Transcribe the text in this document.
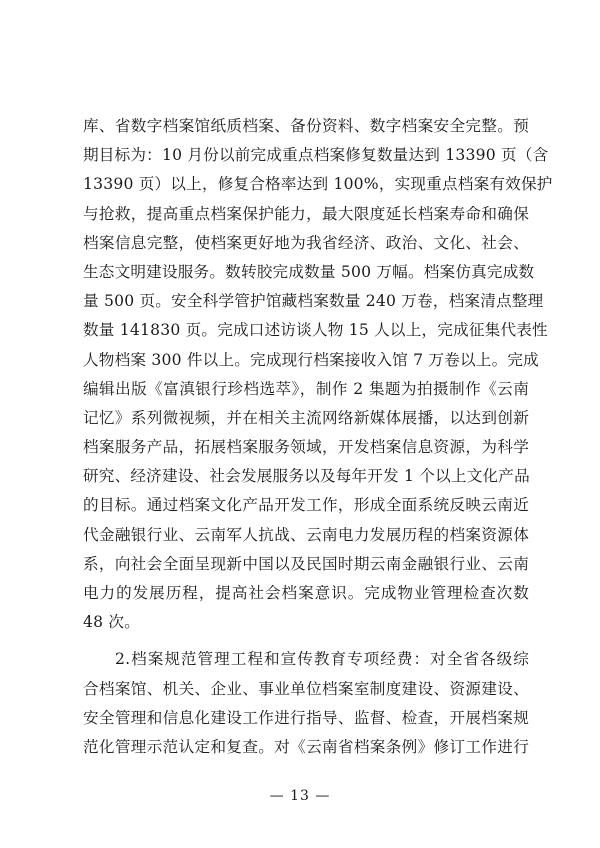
库、省数字档案馆纸质档案、备份资料、数字档案安全完整。预
期目标为：10 月份以前完成重点档案修复数量达到 13390 页（含
13390 页）以上，修复合格率达到 100%，实现重点档案有效保护
与抢救，提高重点档案保护能力，最大限度延长档案寿命和确保
档案信息完整，使档案更好地为我省经济、政治、文化、社会、
生态文明建设服务。数转胶完成数量 500 万幅。档案仿真完成数
量 500 页。安全科学管护馆藏档案数量 240 万卷，档案清点整理
数量 141830 页。完成口述访谈人物 15 人以上，完成征集代表性
人物档案 300 件以上。完成现行档案接收入馆 7 万卷以上。完成
编辑出版《富滇银行珍档选萃》，制作 2 集题为拍摄制作《云南
记忆》系列微视频，并在相关主流网络新媒体展播，以达到创新
档案服务产品，拓展档案服务领域，开发档案信息资源，为科学
研究、经济建设、社会发展服务以及每年开发 1 个以上文化产品
的目标。通过档案文化产品开发工作，形成全面系统反映云南近
代金融银行业、云南军人抗战、云南电力发展历程的档案资源体
系，向社会全面呈现新中国以及民国时期云南金融银行业、云南
电力的发展历程，提高社会档案意识。完成物业管理检查次数
48 次。
2.档案规范管理工程和宣传教育专项经费：对全省各级综
合档案馆、机关、企业、事业单位档案室制度建设、资源建设、
安全管理和信息化建设工作进行指导、监督、检查，开展档案规
范化管理示范认定和复查。对《云南省档案条例》修订工作进行
— 13 —
